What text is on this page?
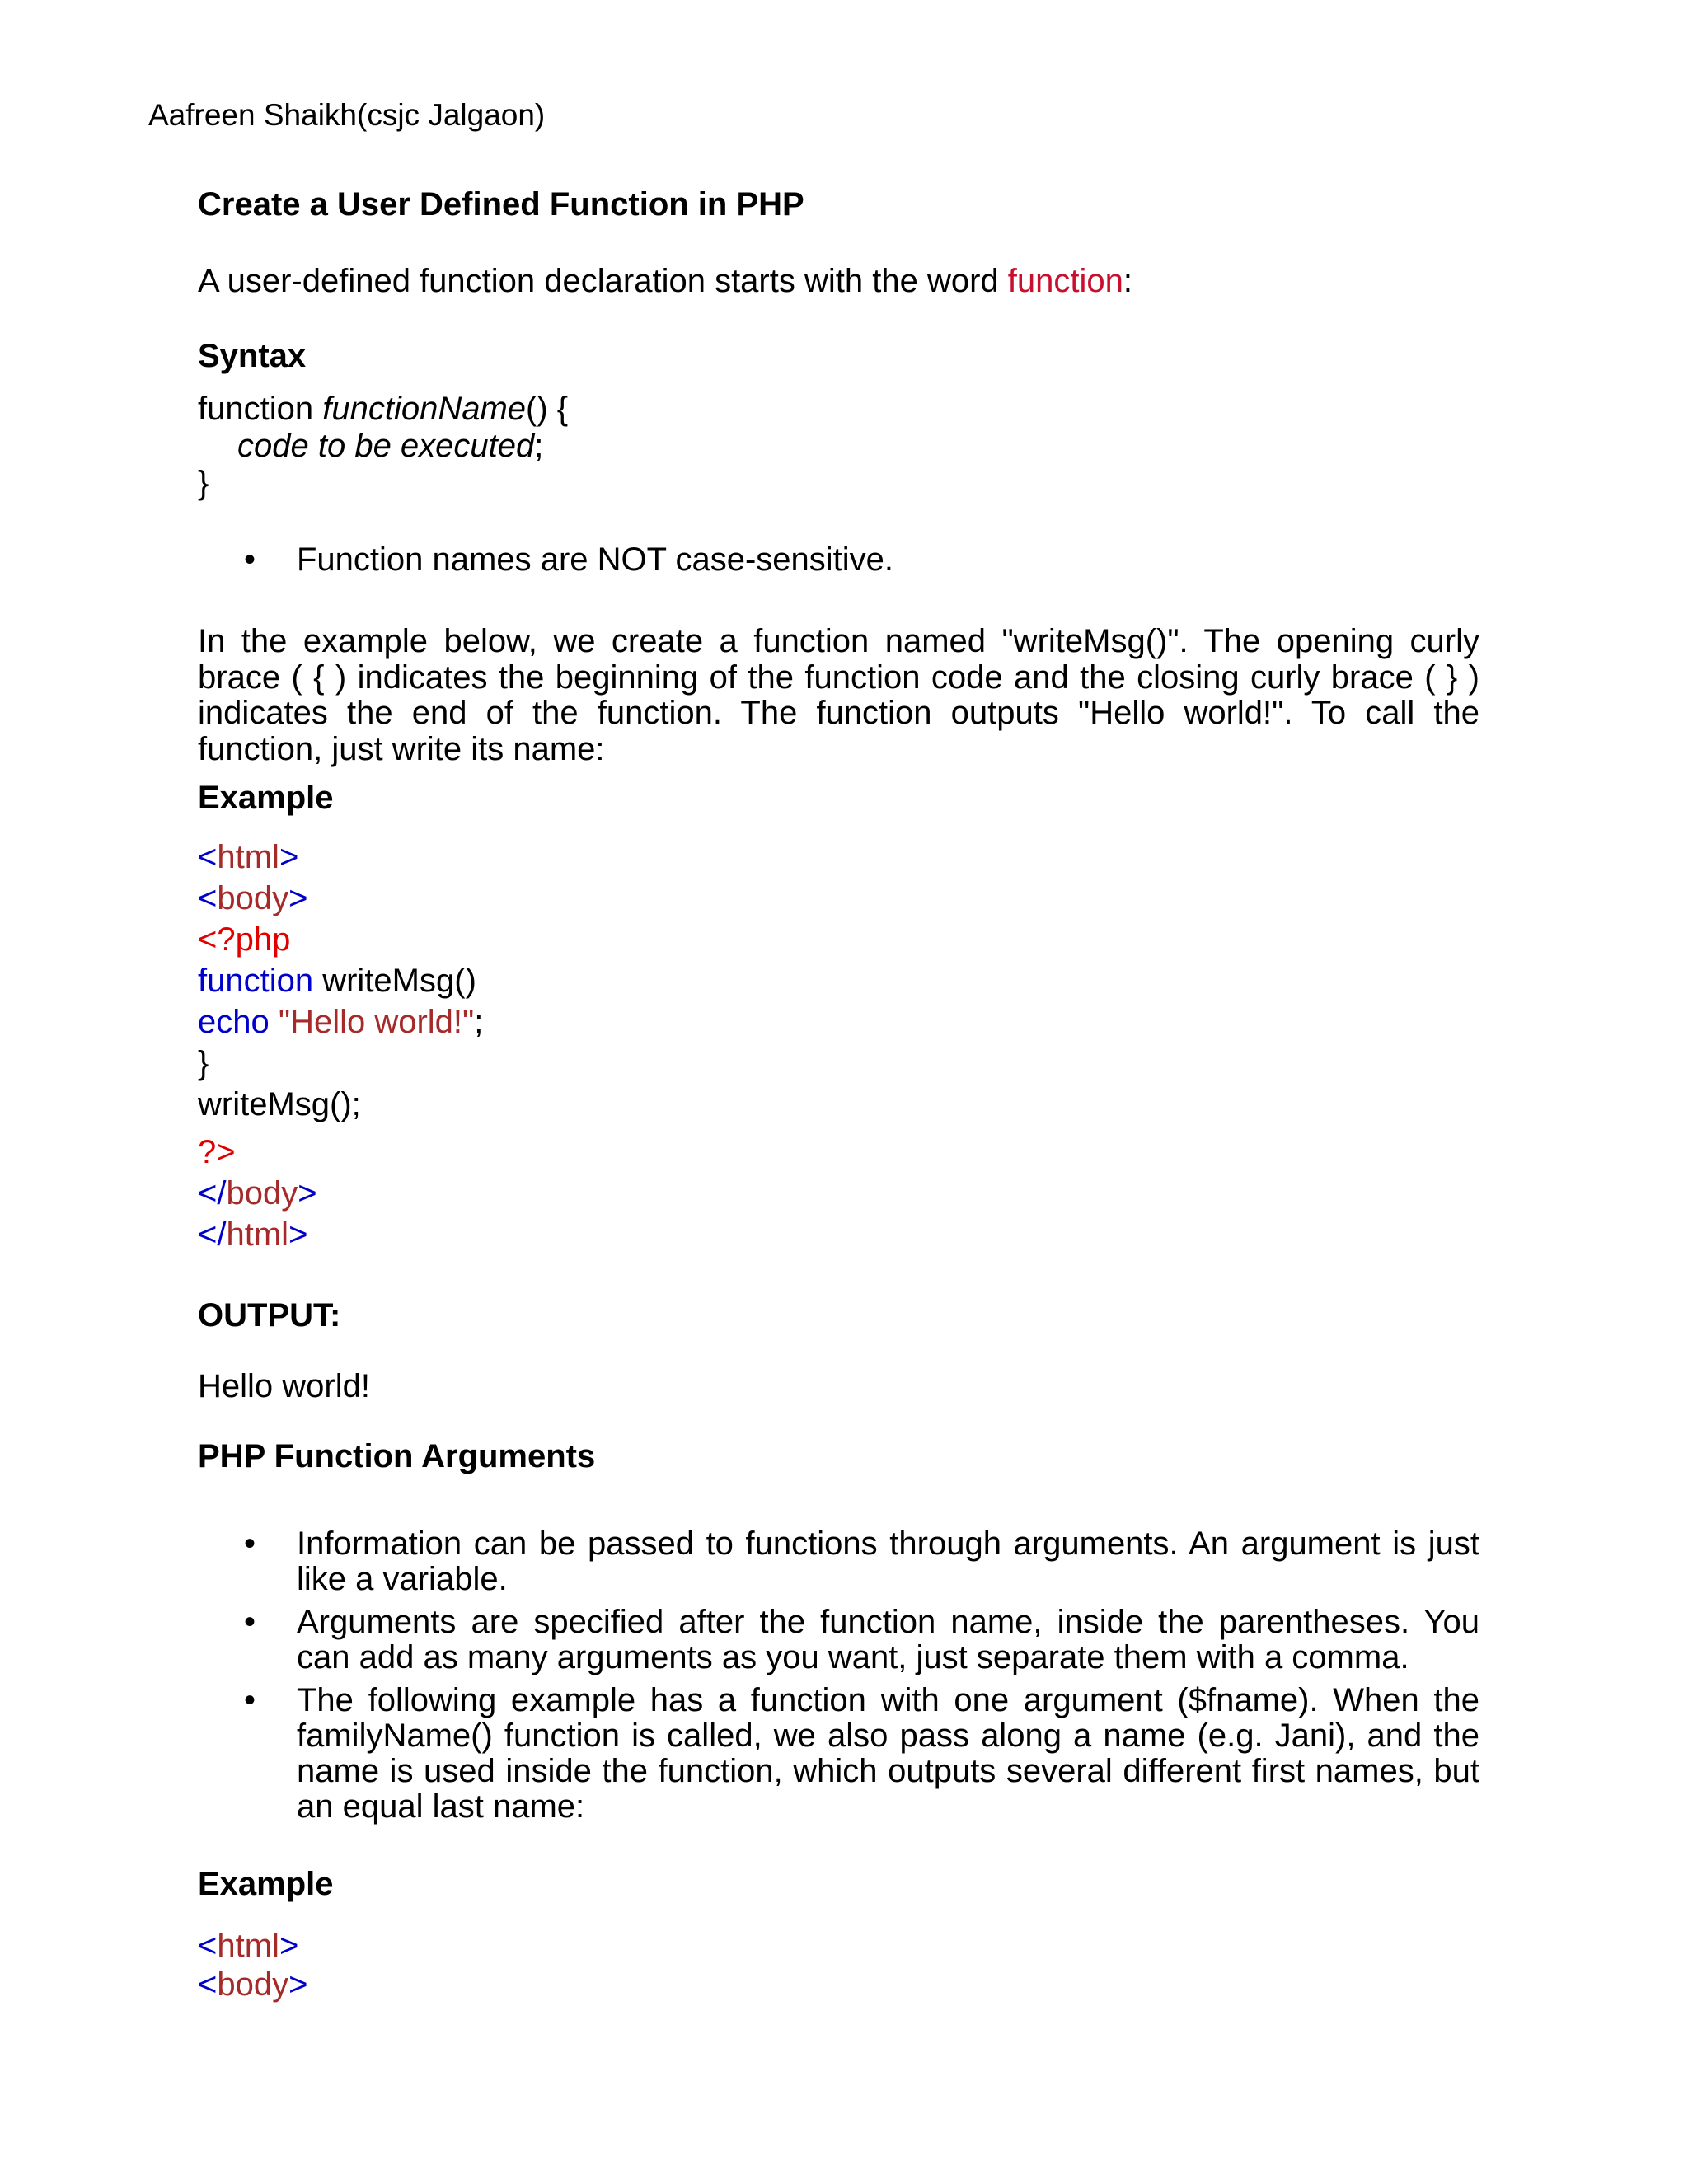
Aafreen Shaikh(csjc Jalgaon)
Create a User Defined Function in PHP
A user-defined function declaration starts with the word function:
Syntax
function functionName() {
code to be executed;
}
• Function names are NOT case-sensitive.
In the example below, we create a function named "writeMsg()". The opening curly brace ( { ) indicates the beginning of the function code and the closing curly brace ( } ) indicates the end of the function. The function outputs "Hello world!". To call the function, just write its name:
Example
<html>
<body>
<?php
function writeMsg()
echo "Hello world!";
}
writeMsg();
?>
</body>
</html>
OUTPUT:
Hello world!
PHP Function Arguments
• Information can be passed to functions through arguments. An argument is just like a variable.
• Arguments are specified after the function name, inside the parentheses. You can add as many arguments as you want, just separate them with a comma.
• The following example has a function with one argument ($fname). When the familyName() function is called, we also pass along a name (e.g. Jani), and the name is used inside the function, which outputs several different first names, but an equal last name:
Example
<html>
<body>
